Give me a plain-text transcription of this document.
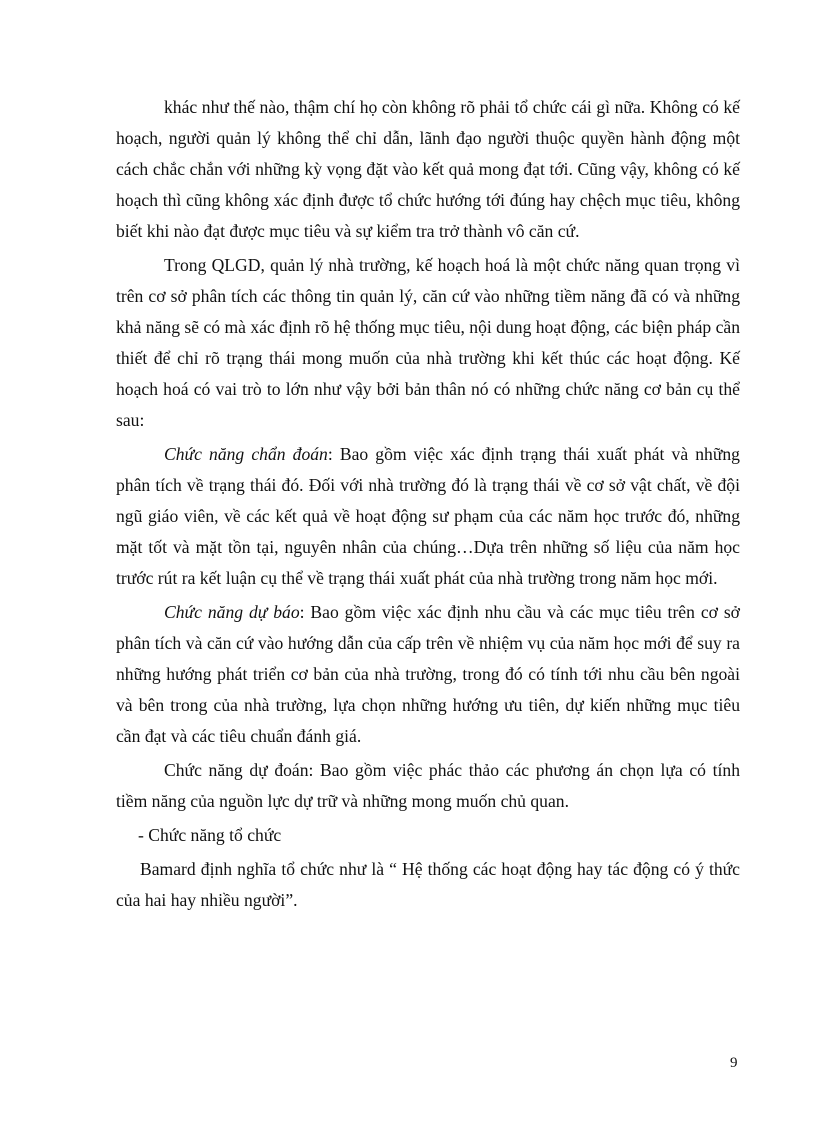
khác như thế nào, thậm chí họ còn không rõ phải tổ chức cái gì nữa. Không có kế hoạch, người quản lý không thể chỉ dẫn, lãnh đạo người thuộc quyền hành động một cách chắc chắn với những kỳ vọng đặt vào kết quả mong đạt tới. Cũng vậy, không có kế hoạch thì cũng không xác định được tổ chức hướng tới đúng hay chệch mục tiêu, không biết khi nào đạt được mục tiêu và sự kiểm tra trở thành vô căn cứ.

Trong QLGD, quản lý nhà trường, kế hoạch hoá là một chức năng quan trọng vì trên cơ sở phân tích các thông tin quản lý, căn cứ vào những tiềm năng đã có và những khả năng sẽ có mà xác định rõ hệ thống mục tiêu, nội dung hoạt động, các biện pháp cần thiết để chỉ rõ trạng thái mong muốn của nhà trường khi kết thúc các hoạt động. Kế hoạch hoá có vai trò to lớn như vậy bởi bản thân nó có những chức năng cơ bản cụ thể sau:

Chức năng chẩn đoán: Bao gồm việc xác định trạng thái xuất phát và những phân tích về trạng thái đó. Đối với nhà trường đó là trạng thái về cơ sở vật chất, về đội ngũ giáo viên, về các kết quả về hoạt động sư phạm của các năm học trước đó, những mặt tốt và mặt tồn tại, nguyên nhân của chúng…Dựa trên những số liệu của năm học trước rút ra kết luận cụ thể về trạng thái xuất phát của nhà trường trong năm học mới.

Chức năng dự báo: Bao gồm việc xác định nhu cầu và các mục tiêu trên cơ sở phân tích và căn cứ vào hướng dẫn của cấp trên về nhiệm vụ của năm học mới để suy ra những hướng phát triển cơ bản của nhà trường, trong đó có tính tới nhu cầu bên ngoài và bên trong của nhà trường, lựa chọn những hướng ưu tiên, dự kiến những mục tiêu cần đạt và các tiêu chuẩn đánh giá.

Chức năng dự đoán: Bao gồm việc phác thảo các phương án chọn lựa có tính tiềm năng của nguồn lực dự trữ và những mong muốn chủ quan.

- Chức năng tổ chức

Bamard định nghĩa tổ chức như là “ Hệ thống các hoạt động hay tác động có ý thức của hai hay nhiều người”.

9
